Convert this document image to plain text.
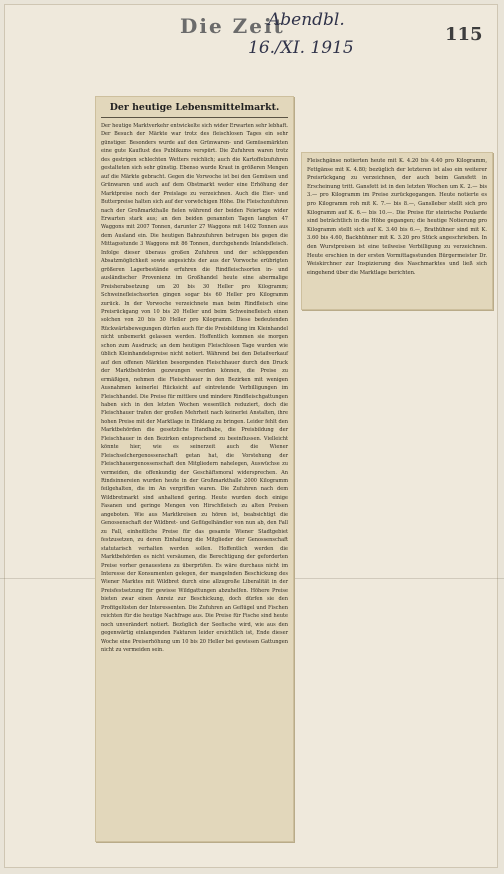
Die Zeit
Abendbl.
16./XI. 1915
115
Der heutige Lebensmittelmarkt.

Der heutige Marktverkehr entwickelte sich wider Erwarten sehr lebhaft. Der Besuch der Märkte war trotz des fleischlosen Tages ein sehr günstiger. Besonders wurde auf den Grünwaren- und Gemüsemärkten eine gute Kauflust des Publikums verspürt. Die Zufuhren waren trotz des gestrigen schlechten Wetters reichlich; auch die Kartoffelzufuhren gestalteten sich sehr günstig. Ebenso wurde Kraut in größeren Mengen auf die Märkte gebracht. Gegen die Vorwoche ist bei den Gemüsen und Grünwaren und auch auf dem Obstmarkt weder eine Erhöhung der Marktpreise noch der Preislage zu verzeichnen. Auch die Eier- und Butterpreise halten sich auf der vorwöchigen Höhe. Die Fleischzufuhren nach der Großmarkthalle fielen während der beiden Feiertage wider Erwarten stark aus; an den beiden genannten Tagen langten 47 Waggons mit 2007 Tonnen, darunter 27 Waggons mit 1402 Tonnen aus dem Ausland ein. Die heutigen Bahnzufuhren betrugen bis gegen die Mittagsstunde 3 Waggons mit 86 Tonnen, durchgehends Inlandsfleisch. Infolge dieser überaus großen Zufuhren und der schleppenden Absatzmöglichkeit sowie angesichts der aus der Vorwoche erübrigten größeren Lagerbestände erfuhren die Rindfleischsorten in- und ausländischer Provenienz im Großhandel heute eine abermalige Preisherabsetzung um 20 bis 30 Heller pro Kilogramm; Schweinefleischsorten gingen sogar bis 60 Heller pro Kilogramm zurück. In der Vorwoche verzeichnete man beim Rindfleisch eine Preisrückgang von 10 bis 20 Heller und beim Schweinefleisch einen solchen von 20 bis 30 Heller pro Kilogramm. Diese bedeutenden Rückwärtsbewegungen dürfen auch für die Preisbildung im Kleinhandel nicht unbemerkt gelassen werden. Hoffentlich kommen sie morgen schon zum Ausdruck; an dem heutigen Fleischlosen Tage wurden wie üblich Kleinhandelspreise nicht notiert. Während bei den Detailverkauf auf den offenen Märkten besorgenden Fleischhauer durch den Druck der Marktbehörden gezwungen werden können, die Preise zu ermäßigen, nehmen die Fleischhauer in den Bezirken mit wenigen Ausnahmen keinerlei Rücksicht auf eintretende Verbilligungen im Fleischhandel. Die Preise für mittlere und mindere Rindfleischgattungen haben sich in den letzten Wochen wesentlich reduziert, doch die Fleischhauer trafen der großen Mehrheit nach keinerlei Anstalten, ihre hohen Preise mit der Marktlage in Einklang zu bringen. Leider fehlt den Marktbehörden die gesetzliche Handhabe, die Preisbildung der Fleischhauer in den Bezirken entsprechend zu beeinflussen. Vielleicht könnte hier, wie es seinerzeit auch die Wiener Fleischselchergenossenschaft getan hat, die Vorstehung der Fleischhauergenossenschaft den Mitgliedern nahelegen, Auswüchse zu vermeiden, die offenkundig der Geschäftsmoral widersprechen. An Rindsinnereien wurden heute in der Großmarkthalle 2000 Kilogramm feilgehalten, die im An vergriffen waren. Die Zufuhren nach dem Wildbretmarkt sind anhaltend gering. Heute wurden doch einige Fasanen und geringe Mengen von Hirschfleisch zu alten Preisen angeboten. Wie aus Marktkreisen zu hören ist, beabsichtigt die Genossenschaft der Wildbret- und Geflügelhändler von nun ab, den Fall zu Fall, einheitliche Preise für das gesamte Wiener Stadtgebiet festzusetzen, zu deren Einhaltung die Mitglieder der Genossenschaft statutarisch verhalten werden sollen. Hoffentlich werden die Marktbehörden es nicht versäumen, die Berechtigung der geforderten Preise vorher genauestens zu überprüfen. Es wäre durchaus nicht im Interesse der Konsumenten gelegen, der mangelnden Beschickung des Wiener Marktes mit Wildbret durch eine allzugroße Liberalität in der Preisfestsetzung für gewisse Wildgattungen abzuhelfen. Höhere Preise bieten zwar einen Anreiz zur Beschickung, doch dürfen sie den Profitgelüsten der Interessenten. Die Zufuhren an Geflügel und Fischen reichten für die heutige Nachfrage aus. Die Preise für Fische sind heute noch unverändert notiert. Bezüglich der Seefische wird, wie aus den gegenwärtig einlangenden Fakturen leider ersichtlich ist, Ende dieser Woche eine Preiserhöhung um 10 bis 20 Heller bei gewissen Gattungen nicht zu vermeiden sein.

Fleischgänse notierten heute mit K. 4.20 bis 4.40 pro Kilogramm, Fettgänse mit K. 4.80; bezüglich der letzteren ist also ein weiterer Preisrückgang zu verzeichnen, der auch beim Gansfett in Erscheinung tritt. Gansfett ist in den letzten Wochen um K. 2.— bis 3.— pro Kilogramm im Preise zurückgegangen. Heute notierte es pro Kilogramm roh mit K. 7.— bis 8.—, Ganslleber stellt sich pro Kilogramm auf K. 6.— bis 10.—. Die Preise für steirische Poularde sind beträchtlich in die Höhe gegangen; die heutige Notierung pro Kilogramm stellt sich auf K. 3.40 bis 6.—, Brathühner sind mit K. 3.60 bis 4.60, Backhühner mit K. 3.20 pro Stück angeschrieben. In den Wurstpreisen ist eine teilweise Verbilligung zu verzeichnen. Heute erschien in der ersten Vormittagsstunden Bürgermeister Dr. Weiskirchner zur Inspizierung des Naschmarktes und ließ sich eingehend über die Marktlage berichten.
